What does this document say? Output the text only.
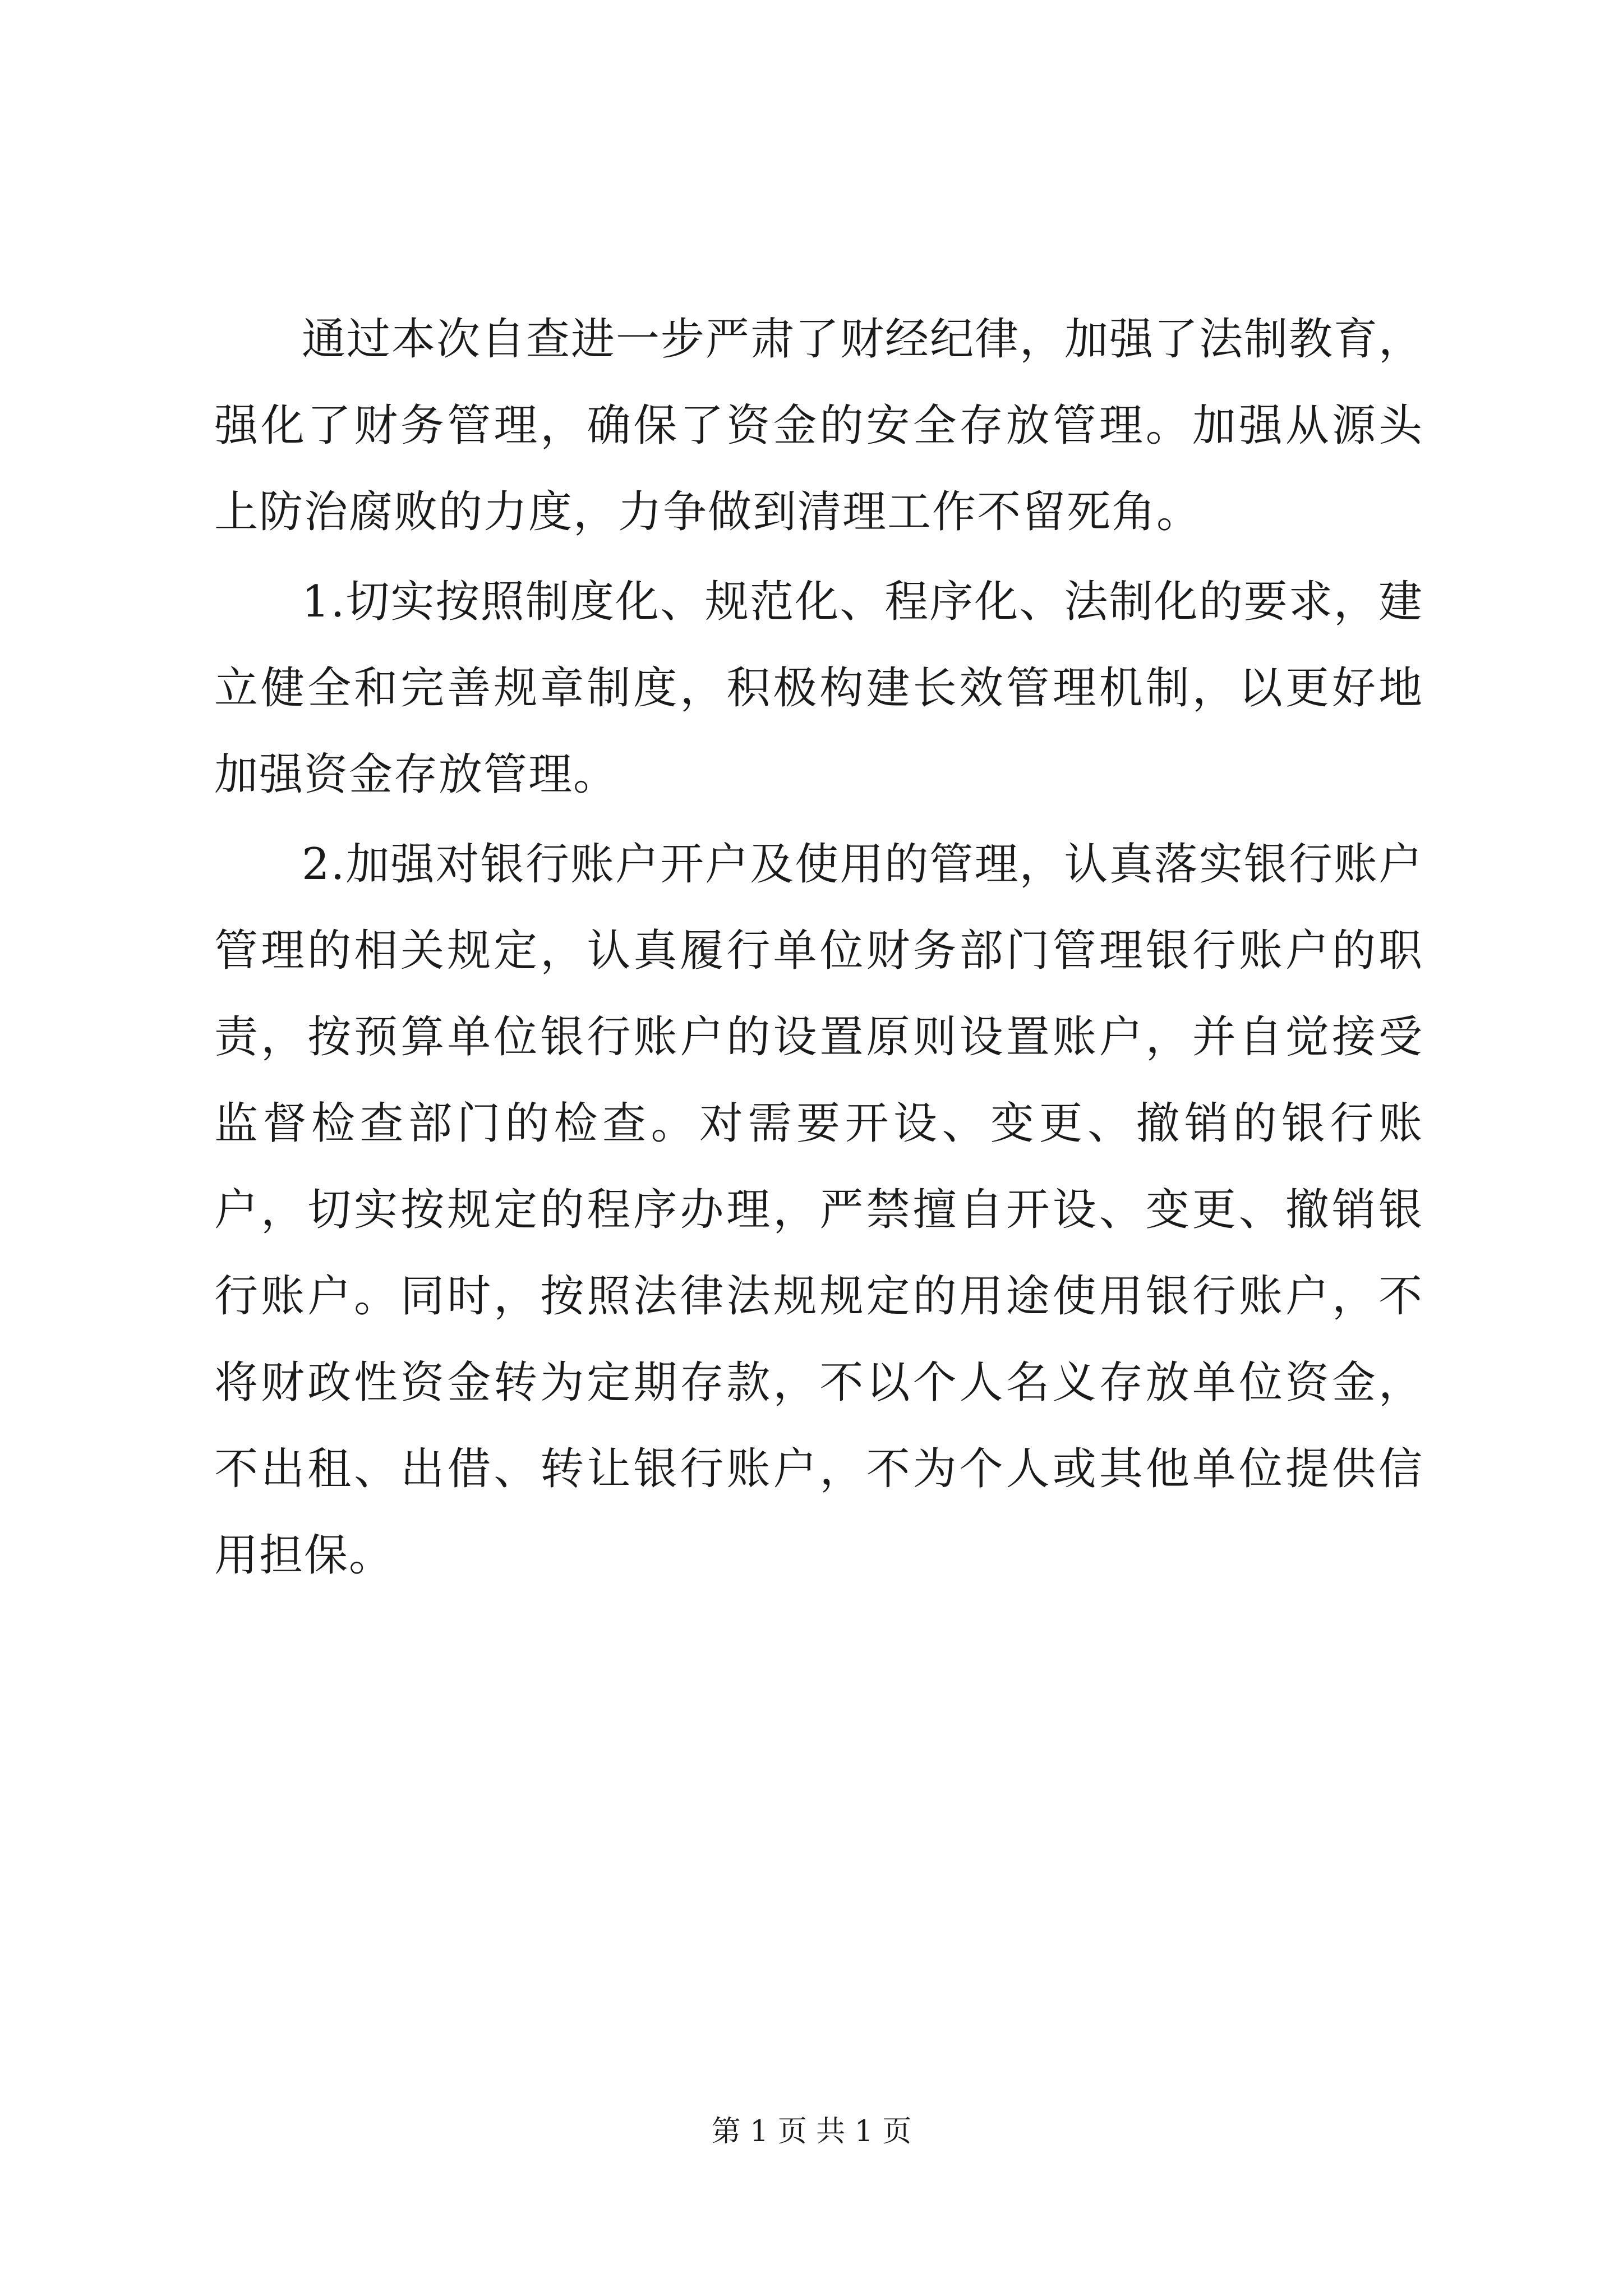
通过本次自查进一步严肃了财经纪律，加强了法制教育，强化了财务管理，确保了资金的安全存放管理。加强从源头上防治腐败的力度，力争做到清理工作不留死角。

1.切实按照制度化、规范化、程序化、法制化的要求，建立健全和完善规章制度，积极构建长效管理机制，以更好地加强资金存放管理。

2.加强对银行账户开户及使用的管理，认真落实银行账户管理的相关规定，认真履行单位财务部门管理银行账户的职责，按预算单位银行账户的设置原则设置账户，并自觉接受监督检查部门的检查。对需要开设、变更、撤销的银行账户，切实按规定的程序办理，严禁擅自开设、变更、撤销银行账户。同时，按照法律法规规定的用途使用银行账户，不将财政性资金转为定期存款，不以个人名义存放单位资金，不出租、出借、转让银行账户，不为个人或其他单位提供信用担保。

第 1 页 共 1 页
